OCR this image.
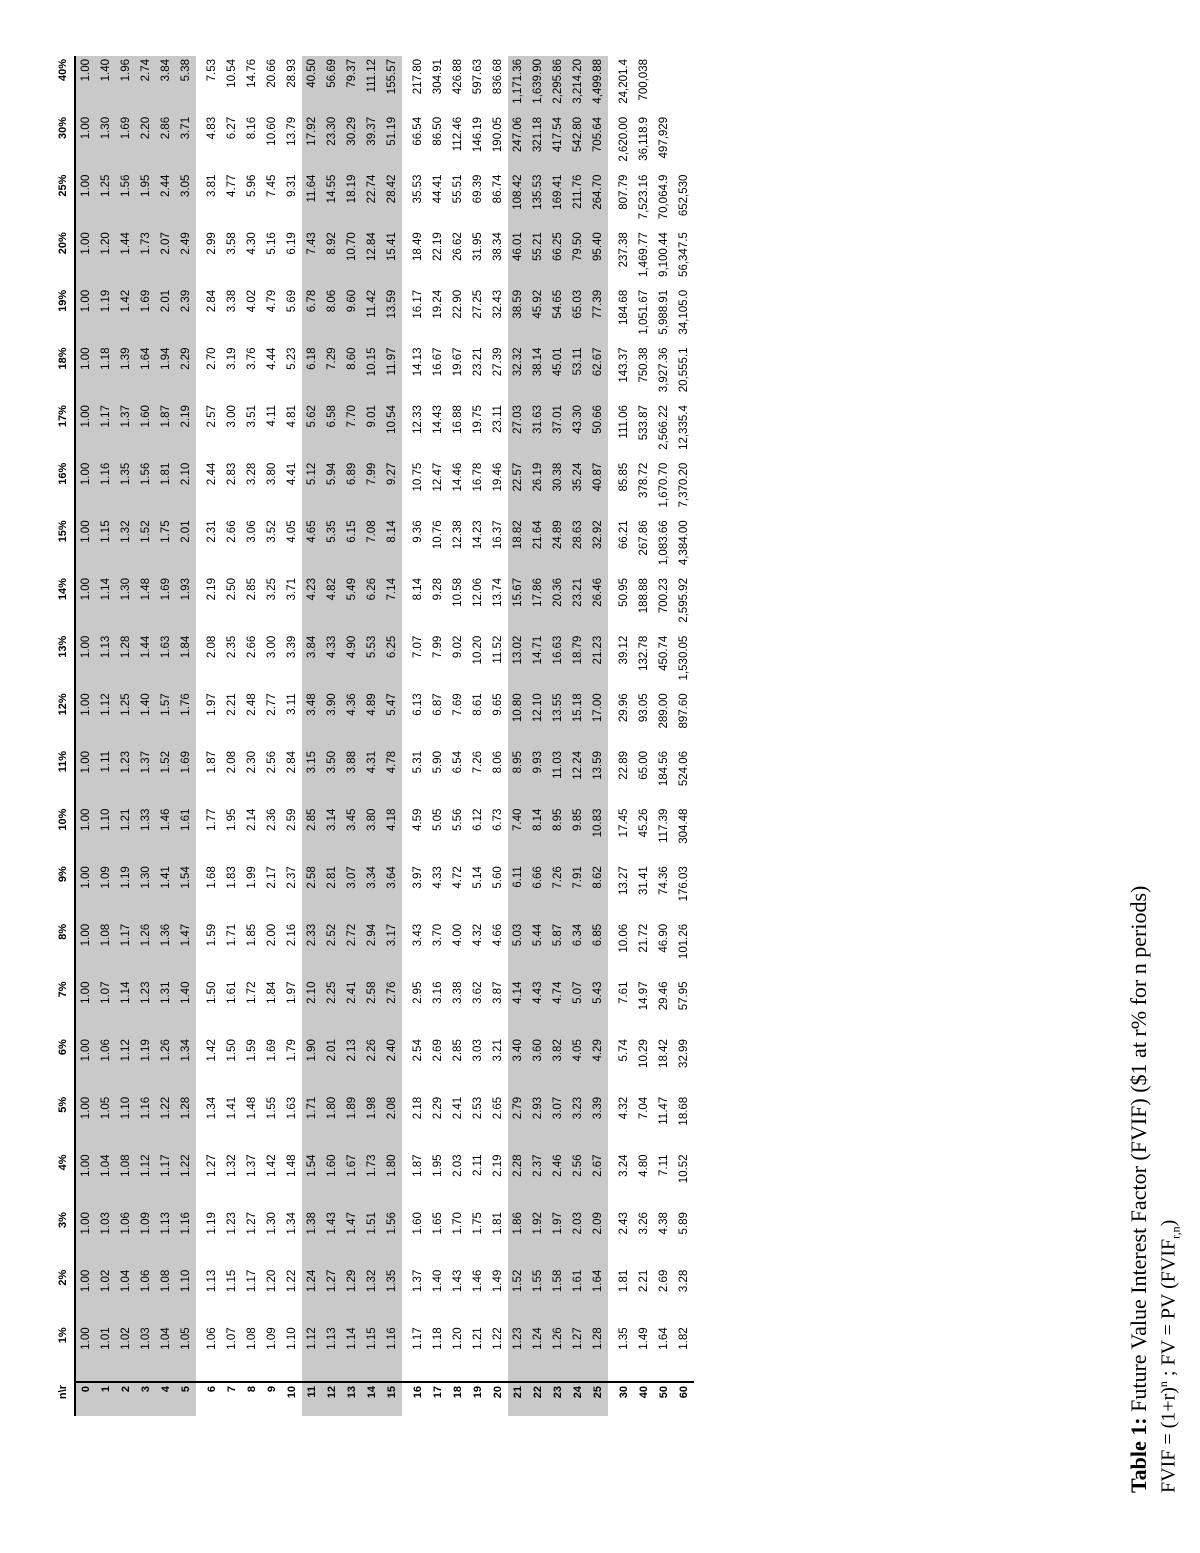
Table 1: Future Value Interest Factor (FVIF) ($1 at r% for n periods)
FVIF = $(1+r)^n$ ; FV = PV $(FVIF_{r,n})$
n\r	1%	2%	3%	4%	5%	6%	7%	8%	9%	10%	11%	12%	13%	14%	15%	16%	17%	18%	19%	20%	25%	30%	40%
0	1.00	1.00	1.00	1.00	1.00	1.00	1.00	1.00	1.00	1.00	1.00	1.00	1.00	1.00	1.00	1.00	1.00	1.00	1.00	1.00	1.00	1.00	1.00
1	1.01	1.02	1.03	1.04	1.05	1.06	1.07	1.08	1.09	1.10	1.11	1.12	1.13	1.14	1.15	1.16	1.17	1.18	1.19	1.20	1.25	1.30	1.40
2	1.02	1.04	1.06	1.08	1.10	1.12	1.14	1.17	1.19	1.21	1.23	1.25	1.28	1.30	1.32	1.35	1.37	1.39	1.42	1.44	1.56	1.69	1.96
3	1.03	1.06	1.09	1.12	1.16	1.19	1.23	1.26	1.30	1.33	1.37	1.40	1.44	1.48	1.52	1.56	1.60	1.64	1.69	1.73	1.95	2.20	2.74
4	1.04	1.08	1.13	1.17	1.22	1.26	1.31	1.36	1.41	1.46	1.52	1.57	1.63	1.69	1.75	1.81	1.87	1.94	2.01	2.07	2.44	2.86	3.84
5	1.05	1.10	1.16	1.22	1.28	1.34	1.40	1.47	1.54	1.61	1.69	1.76	1.84	1.93	2.01	2.10	2.19	2.29	2.39	2.49	3.05	3.71	5.38
6	1.06	1.13	1.19	1.27	1.34	1.42	1.50	1.59	1.68	1.77	1.87	1.97	2.08	2.19	2.31	2.44	2.57	2.70	2.84	2.99	3.81	4.83	7.53
7	1.07	1.15	1.23	1.32	1.41	1.50	1.61	1.71	1.83	1.95	2.08	2.21	2.35	2.50	2.66	2.83	3.00	3.19	3.38	3.58	4.77	6.27	10.54
8	1.08	1.17	1.27	1.37	1.48	1.59	1.72	1.85	1.99	2.14	2.30	2.48	2.66	2.85	3.06	3.28	3.51	3.76	4.02	4.30	5.96	8.16	14.76
9	1.09	1.20	1.30	1.42	1.55	1.69	1.84	2.00	2.17	2.36	2.56	2.77	3.00	3.25	3.52	3.80	4.11	4.44	4.79	5.16	7.45	10.60	20.66
10	1.10	1.22	1.34	1.48	1.63	1.79	1.97	2.16	2.37	2.59	2.84	3.11	3.39	3.71	4.05	4.41	4.81	5.23	5.69	6.19	9.31	13.79	28.93
11	1.12	1.24	1.38	1.54	1.71	1.90	2.10	2.33	2.58	2.85	3.15	3.48	3.84	4.23	4.65	5.12	5.62	6.18	6.78	7.43	11.64	17.92	40.50
12	1.13	1.27	1.43	1.60	1.80	2.01	2.25	2.52	2.81	3.14	3.50	3.90	4.33	4.82	5.35	5.94	6.58	7.29	8.06	8.92	14.55	23.30	56.69
13	1.14	1.29	1.47	1.67	1.89	2.13	2.41	2.72	3.07	3.45	3.88	4.36	4.90	5.49	6.15	6.89	7.70	8.60	9.60	10.70	18.19	30.29	79.37
14	1.15	1.32	1.51	1.73	1.98	2.26	2.58	2.94	3.34	3.80	4.31	4.89	5.53	6.26	7.08	7.99	9.01	10.15	11.42	12.84	22.74	39.37	111.12
15	1.16	1.35	1.56	1.80	2.08	2.40	2.76	3.17	3.64	4.18	4.78	5.47	6.25	7.14	8.14	9.27	10.54	11.97	13.59	15.41	28.42	51.19	155.57
16	1.17	1.37	1.60	1.87	2.18	2.54	2.95	3.43	3.97	4.59	5.31	6.13	7.07	8.14	9.36	10.75	12.33	14.13	16.17	18.49	35.53	66.54	217.80
17	1.18	1.40	1.65	1.95	2.29	2.69	3.16	3.70	4.33	5.05	5.90	6.87	7.99	9.28	10.76	12.47	14.43	16.67	19.24	22.19	44.41	86.50	304.91
18	1.20	1.43	1.70	2.03	2.41	2.85	3.38	4.00	4.72	5.56	6.54	7.69	9.02	10.58	12.38	14.46	16.88	19.67	22.90	26.62	55.51	112.46	426.88
19	1.21	1.46	1.75	2.11	2.53	3.03	3.62	4.32	5.14	6.12	7.26	8.61	10.20	12.06	14.23	16.78	19.75	23.21	27.25	31.95	69.39	146.19	597.63
20	1.22	1.49	1.81	2.19	2.65	3.21	3.87	4.66	5.60	6.73	8.06	9.65	11.52	13.74	16.37	19.46	23.11	27.39	32.43	38.34	86.74	190.05	836.68
21	1.23	1.52	1.86	2.28	2.79	3.40	4.14	5.03	6.11	7.40	8.95	10.80	13.02	15.67	18.82	22.57	27.03	32.32	38.59	46.01	108.42	247.06	1,171.36
22	1.24	1.55	1.92	2.37	2.93	3.60	4.43	5.44	6.66	8.14	9.93	12.10	14.71	17.86	21.64	26.19	31.63	38.14	45.92	55.21	135.53	321.18	1,639.90
23	1.26	1.58	1.97	2.46	3.07	3.82	4.74	5.87	7.26	8.95	11.03	13.55	16.63	20.36	24.89	30.38	37.01	45.01	54.65	66.25	169.41	417.54	2,295.86
24	1.27	1.61	2.03	2.56	3.23	4.05	5.07	6.34	7.91	9.85	12.24	15.18	18.79	23.21	28.63	35.24	43.30	53.11	65.03	79.50	211.76	542.80	3,214.20
25	1.28	1.64	2.09	2.67	3.39	4.29	5.43	6.85	8.62	10.83	13.59	17.00	21.23	26.46	32.92	40.87	50.66	62.67	77.39	95.40	264.70	705.64	4,499.88
30	1.35	1.81	2.43	3.24	4.32	5.74	7.61	10.06	13.27	17.45	22.89	29.96	39.12	50.95	66.21	85.85	111.06	143.37	184.68	237.38	807.79	2,620.00	24,201.4
40	1.49	2.21	3.26	4.80	7.04	10.29	14.97	21.72	31.41	45.26	65.00	93.05	132.78	188.88	267.86	378.72	533.87	750.38	1,051.67	1,469.77	7,523.16	36,118.9	700,038
50	1.64	2.69	4.38	7.11	11.47	18.42	29.46	46.90	74.36	117.39	184.56	289.00	450.74	700.23	1,083.66	1,670.70	2,566.22	3,927.36	5,988.91	9,100.44	70,064.9	497,929	
60	1.82	3.28	5.89	10.52	18.68	32.99	57.95	101.26	176.03	304.48	524.06	897.60	1,530.05	2,595.92	4,384.00	7,370.20	12,335.4	20,555.1	34,105.0	56,347.5	652,530		
